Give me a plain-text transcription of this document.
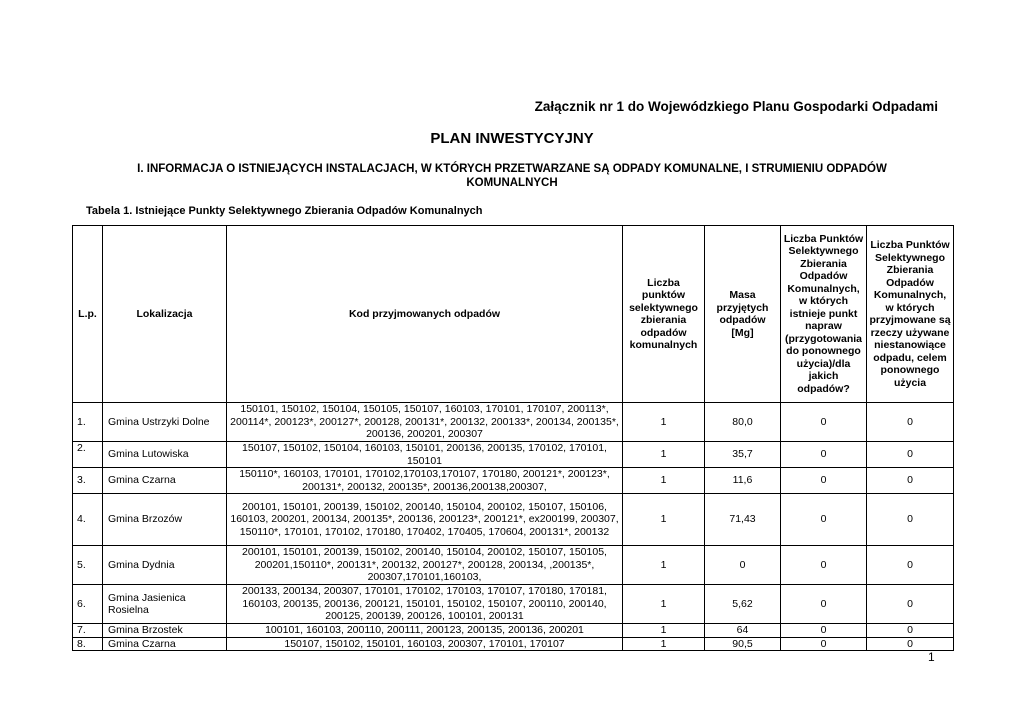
Załącznik nr 1 do Wojewódzkiego Planu Gospodarki Odpadami
PLAN INWESTYCYJNY
I. INFORMACJA O ISTNIEJĄCYCH INSTALACJACH, W KTÓRYCH PRZETWARZANE SĄ ODPADY KOMUNALNE, I STRUMIENIU ODPADÓW KOMUNALNYCH
Tabela 1. Istniejące Punkty Selektywnego Zbierania Odpadów Komunalnych
L.p.	Lokalizacja	Kod przyjmowanych odpadów	Liczba punktów selektywnego zbierania odpadów komunalnych	Masa przyjętych odpadów [Mg]	Liczba Punktów Selektywnego Zbierania Odpadów Komunalnych, w których istnieje punkt napraw (przygotowania do ponownego użycia)/dla jakich odpadów?	Liczba Punktów Selektywnego Zbierania Odpadów Komunalnych, w których przyjmowane są rzeczy używane niestanowiące odpadu, celem ponownego użycia
1.	Gmina Ustrzyki Dolne	150101, 150102, 150104, 150105, 150107, 160103, 170101, 170107, 200113*, 200114*, 200123*, 200127*, 200128, 200131*, 200132, 200133*, 200134, 200135*, 200136, 200201, 200307	1	80,0	0	0
2.	Gmina Lutowiska	150107, 150102, 150104, 160103, 150101, 200136, 200135, 170102, 170101, 150101	1	35,7	0	0
3.	Gmina Czarna	150110*, 160103, 170101, 170102,170103,170107, 170180, 200121*, 200123*, 200131*, 200132, 200135*, 200136,200138,200307,	1	11,6	0	0
4.	Gmina Brzozów	200101, 150101, 200139, 150102, 200140, 150104, 200102, 150107, 150106, 160103, 200201, 200134, 200135*, 200136, 200123*, 200121*, ex200199, 200307, 150110*, 170101, 170102, 170180, 170402, 170405, 170604, 200131*, 200132	1	71,43	0	0
5.	Gmina Dydnia	200101, 150101, 200139, 150102, 200140, 150104, 200102, 150107, 150105, 200201,150110*, 200131*, 200132, 200127*, 200128, 200134, ,200135*, 200307,170101,160103,	1	0	0	0
6.	Gmina Jasienica Rosielna	200133, 200134, 200307, 170101, 170102, 170103, 170107, 170180, 170181, 160103, 200135, 200136, 200121, 150101, 150102, 150107, 200110, 200140, 200125, 200139, 200126, 100101, 200131	1	5,62	0	0
7.	Gmina Brzostek	100101, 160103, 200110, 200111, 200123, 200135, 200136, 200201	1	64	0	0
8.	Gmina Czarna	150107, 150102, 150101, 160103, 200307, 170101, 170107	1	90,5	0	0
1
